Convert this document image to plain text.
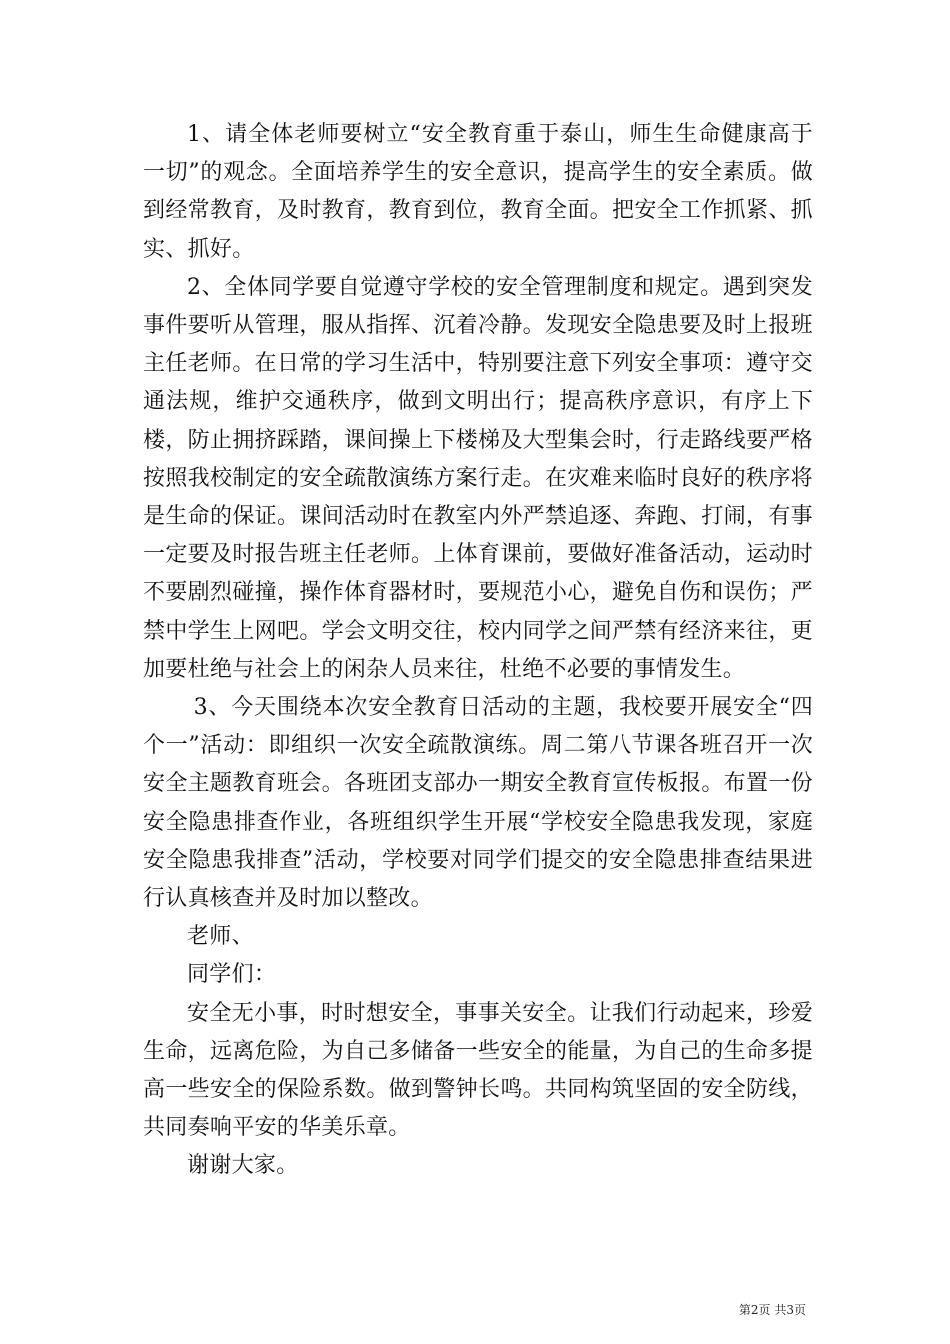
1、请全体老师要树立“安全教育重于泰山，师生生命健康高于一切”的观念。全面培养学生的安全意识，提高学生的安全素质。做到经常教育，及时教育，教育到位，教育全面。把安全工作抓紧、抓实、抓好。

2、全体同学要自觉遵守学校的安全管理制度和规定。遇到突发事件要听从管理，服从指挥、沉着冷静。发现安全隐患要及时上报班主任老师。在日常的学习生活中，特别要注意下列安全事项：遵守交通法规，维护交通秩序，做到文明出行；提高秩序意识，有序上下楼，防止拥挤踩踏，课间操上下楼梯及大型集会时，行走路线要严格按照我校制定的安全疏散演练方案行走。在灾难来临时良好的秩序将是生命的保证。课间活动时在教室内外严禁追逐、奔跑、打闹，有事一定要及时报告班主任老师。上体育课前，要做好准备活动，运动时不要剧烈碰撞，操作体育器材时，要规范小心，避免自伤和误伤；严禁中学生上网吧。学会文明交往，校内同学之间严禁有经济来往，更加要杜绝与社会上的闲杂人员来往，杜绝不必要的事情发生。

3、今天围绕本次安全教育日活动的主题，我校要开展安全“四个一”活动：即组织一次安全疏散演练。周二第八节课各班召开一次安全主题教育班会。各班团支部办一期安全教育宣传板报。布置一份安全隐患排查作业，各班组织学生开展“学校安全隐患我发现，家庭安全隐患我排查”活动，学校要对同学们提交的安全隐患排查结果进行认真核查并及时加以整改。

老师、

同学们：

安全无小事，时时想安全，事事关安全。让我们行动起来，珍爱生命，远离危险，为自己多储备一些安全的能量，为自己的生命多提高一些安全的保险系数。做到警钟长鸣。共同构筑坚固的安全防线，共同奏响平安的华美乐章。

谢谢大家。

第2页 共3页
